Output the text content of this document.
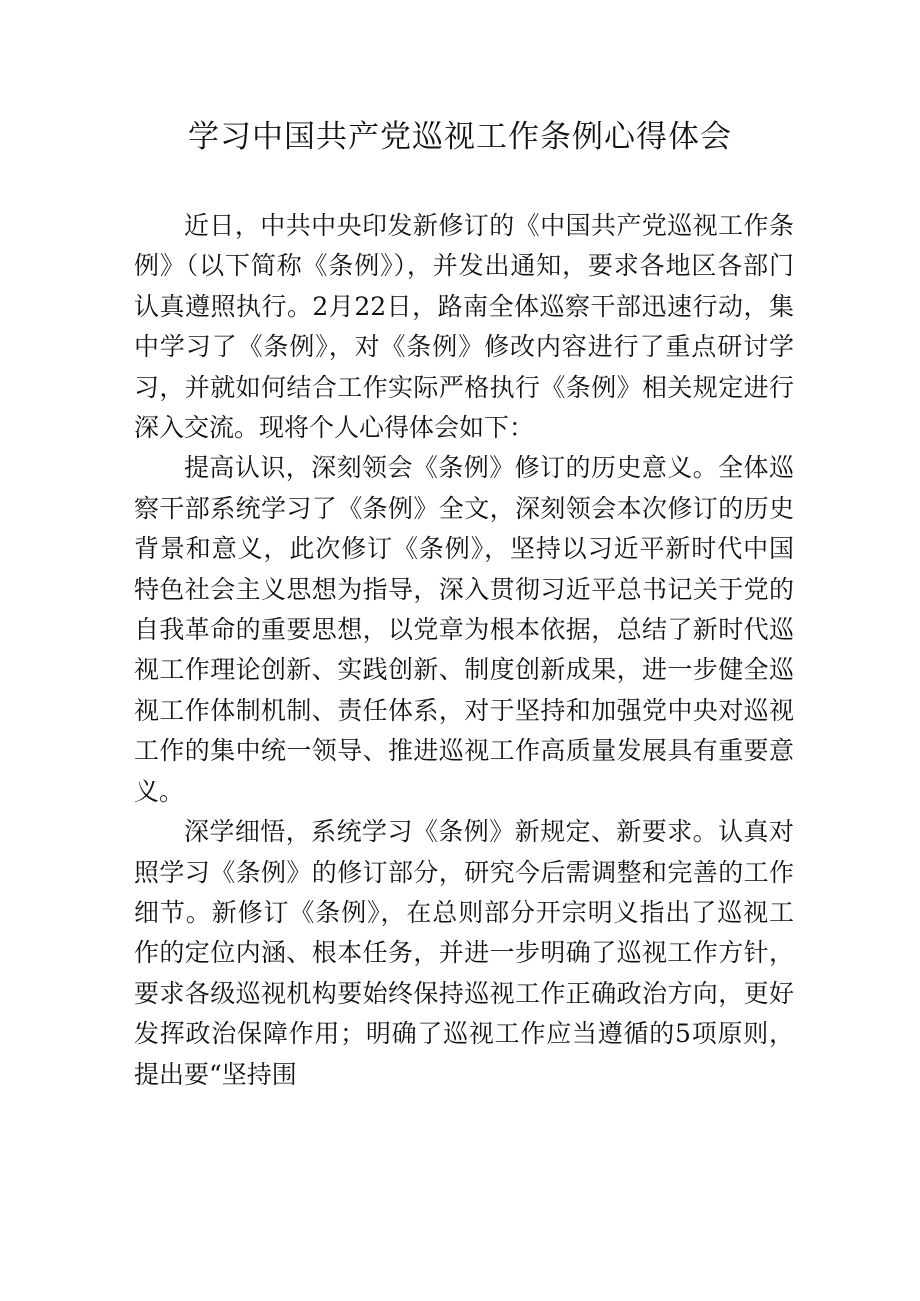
学习中国共产党巡视工作条例心得体会

近日，中共中央印发新修订的《中国共产党巡视工作条例》（以下简称《条例》），并发出通知，要求各地区各部门认真遵照执行。2月22日，路南全体巡察干部迅速行动，集中学习了《条例》，对《条例》修改内容进行了重点研讨学习，并就如何结合工作实际严格执行《条例》相关规定进行深入交流。现将个人心得体会如下：

提高认识，深刻领会《条例》修订的历史意义。全体巡察干部系统学习了《条例》全文，深刻领会本次修订的历史背景和意义，此次修订《条例》，坚持以习近平新时代中国特色社会主义思想为指导，深入贯彻习近平总书记关于党的自我革命的重要思想，以党章为根本依据，总结了新时代巡视工作理论创新、实践创新、制度创新成果，进一步健全巡视工作体制机制、责任体系，对于坚持和加强党中央对巡视工作的集中统一领导、推进巡视工作高质量发展具有重要意义。

深学细悟，系统学习《条例》新规定、新要求。认真对照学习《条例》的修订部分，研究今后需调整和完善的工作细节。新修订《条例》，在总则部分开宗明义指出了巡视工作的定位内涵、根本任务，并进一步明确了巡视工作方针，要求各级巡视机构要始终保持巡视工作正确政治方向，更好发挥政治保障作用；明确了巡视工作应当遵循的5项原则，提出要“坚持围
